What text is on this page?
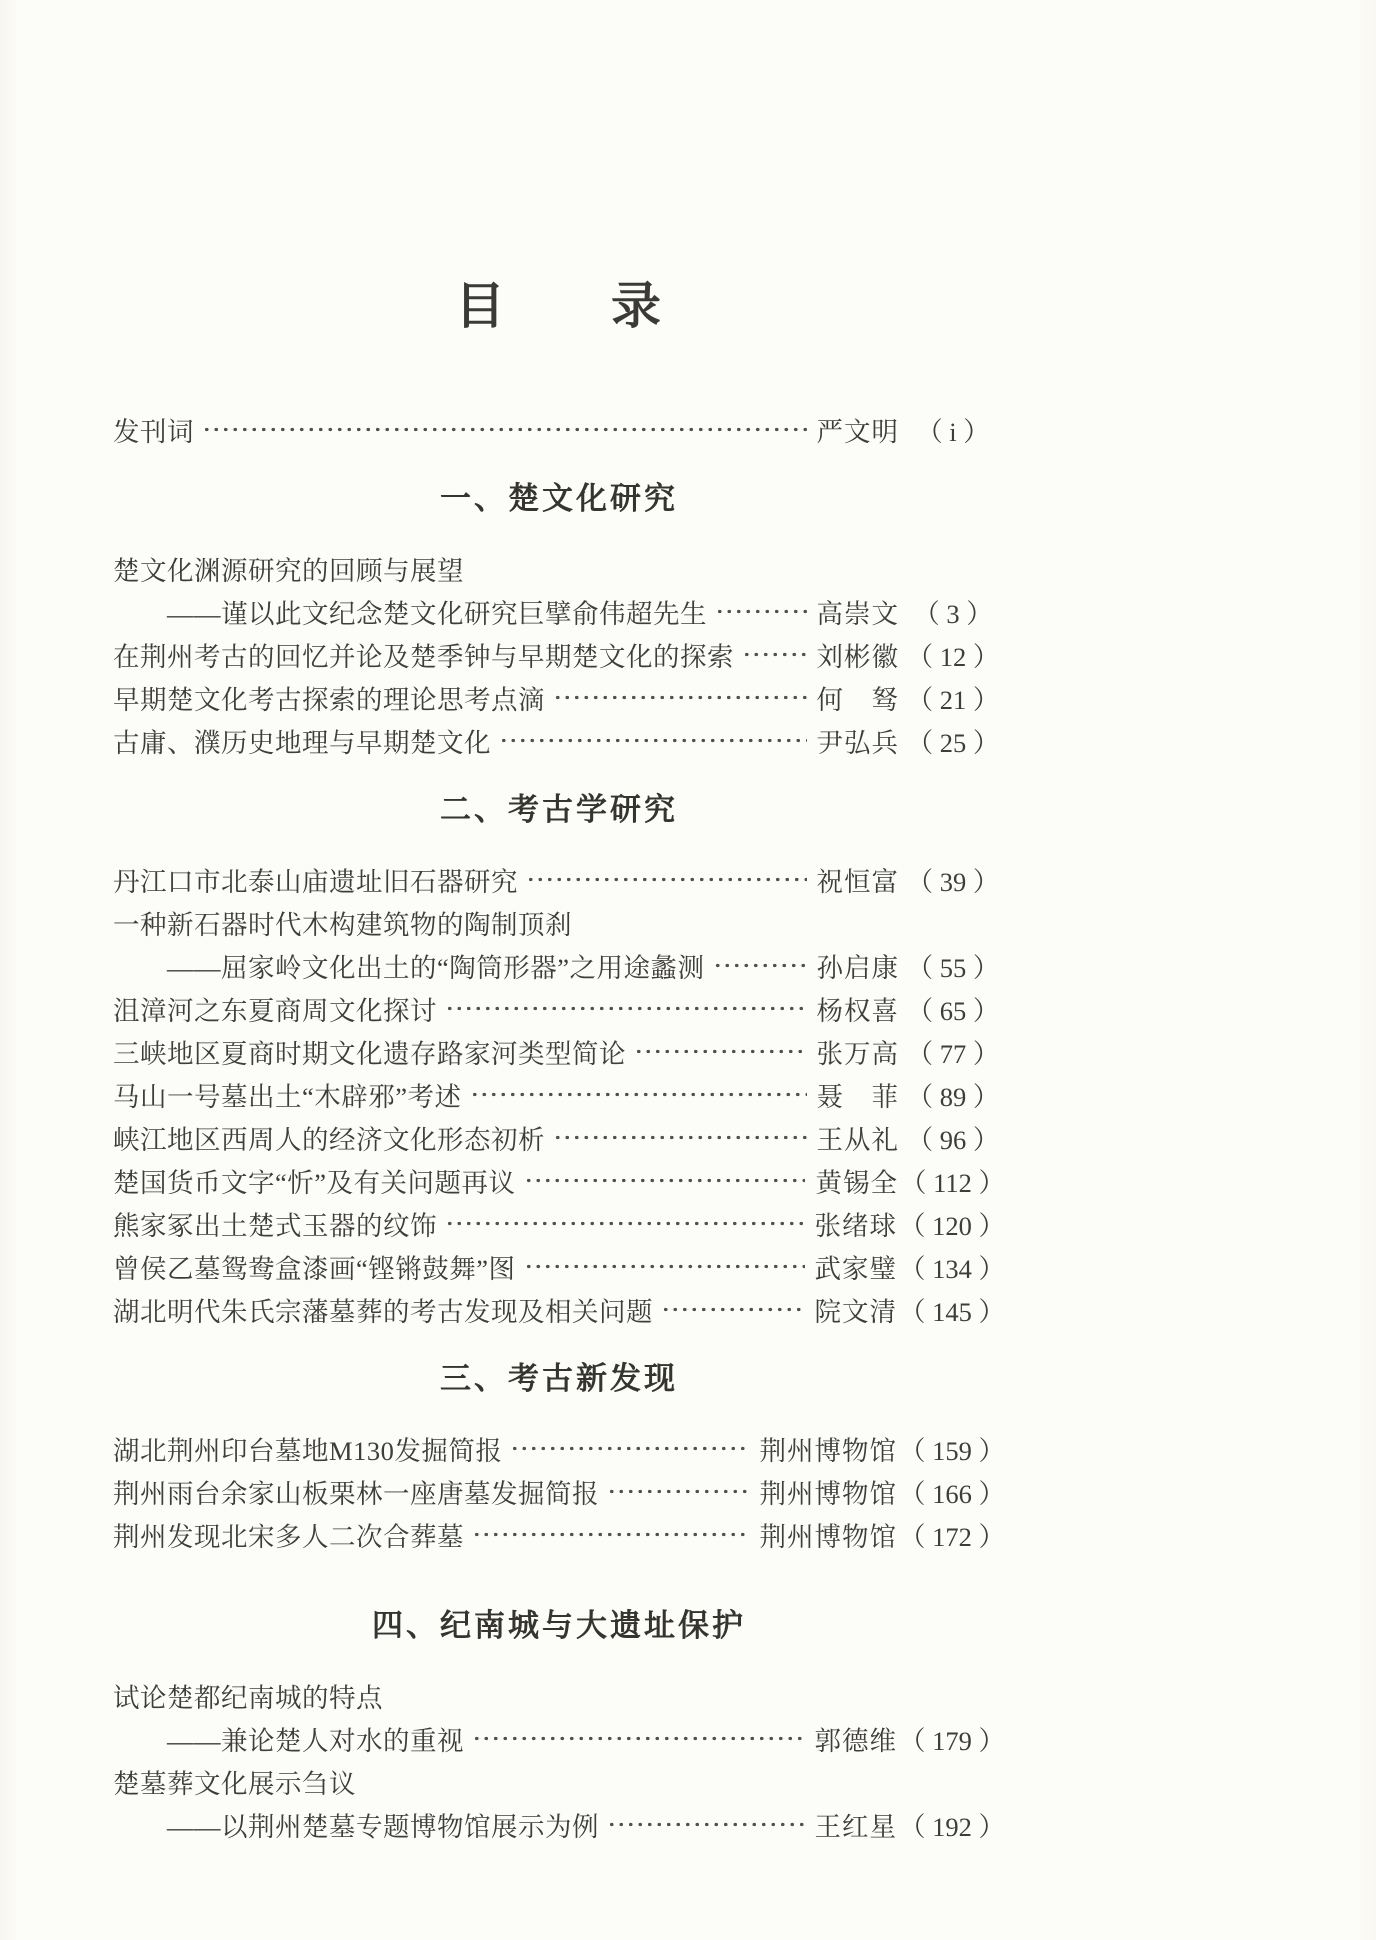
目　　录
发刊词	严文明 （ i ）
一、楚文化研究
楚文化渊源研究的回顾与展望
——谨以此文纪念楚文化研究巨擘俞伟超先生	高崇文 （ 3 ）
在荆州考古的回忆并论及楚季钟与早期楚文化的探索	刘彬徽 （ 12 ）
早期楚文化考古探索的理论思考点滴	何　驽 （ 21 ）
古庸、濮历史地理与早期楚文化	尹弘兵 （ 25 ）
二、考古学研究
丹江口市北泰山庙遗址旧石器研究	祝恒富 （ 39 ）
一种新石器时代木构建筑物的陶制顶刹
——屈家岭文化出土的“陶筒形器”之用途蠡测	孙启康 （ 55 ）
沮漳河之东夏商周文化探讨	杨权喜 （ 65 ）
三峡地区夏商时期文化遗存路家河类型简论	张万高 （ 77 ）
马山一号墓出土“木辟邪”考述	聂　菲 （ 89 ）
峡江地区西周人的经济文化形态初析	王从礼 （ 96 ）
楚国货币文字“忻”及有关问题再议	黄锡全 （ 112 ）
熊家冢出土楚式玉器的纹饰	张绪球 （ 120 ）
曾侯乙墓鸳鸯盒漆画“铿锵鼓舞”图	武家璧 （ 134 ）
湖北明代朱氏宗藩墓葬的考古发现及相关问题	院文清 （ 145 ）
三、考古新发现
湖北荆州印台墓地M130发掘简报	荆州博物馆 （ 159 ）
荆州雨台余家山板栗林一座唐墓发掘简报	荆州博物馆 （ 166 ）
荆州发现北宋多人二次合葬墓	荆州博物馆 （ 172 ）
四、纪南城与大遗址保护
试论楚都纪南城的特点
——兼论楚人对水的重视	郭德维 （ 179 ）
楚墓葬文化展示刍议
——以荆州楚墓专题博物馆展示为例	王红星 （ 192 ）
